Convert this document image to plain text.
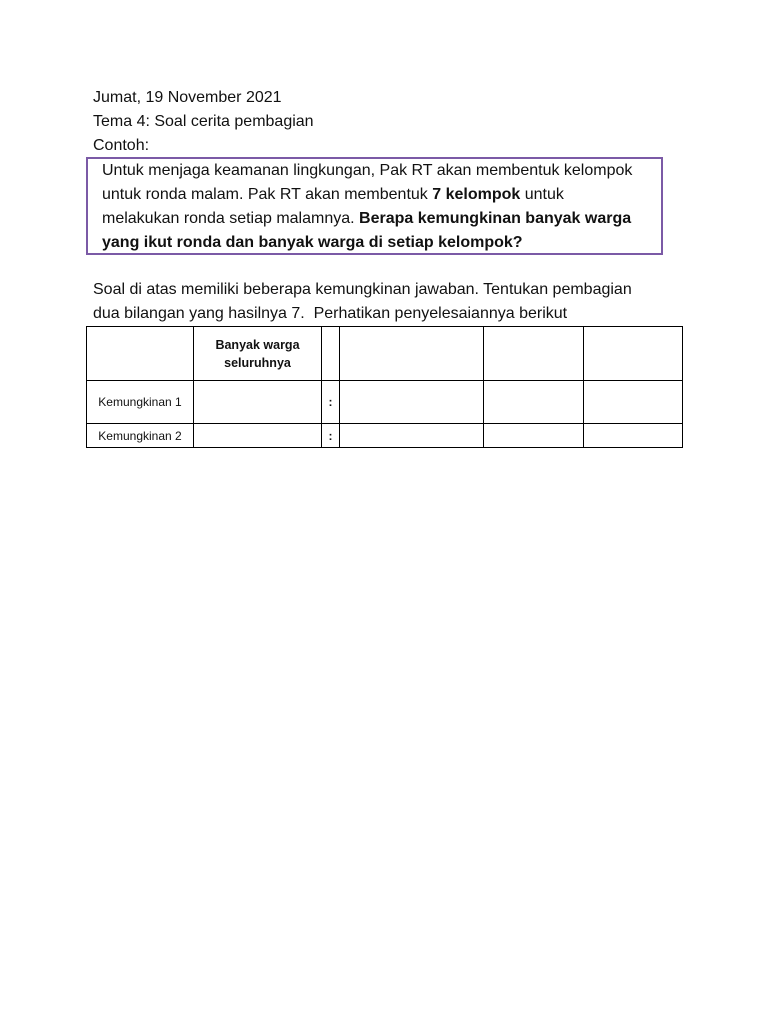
Jumat, 19 November 2021
Tema 4: Soal cerita pembagian
Contoh:

Untuk menjaga keamanan lingkungan, Pak RT akan membentuk kelompok

untuk ronda malam. Pak RT akan membentuk 7 kelompok untuk

melakukan ronda setiap malamnya. Berapa kemungkinan banyak warga

yang ikut ronda dan banyak warga di setiap kelompok?

Soal di atas memiliki beberapa kemungkinan jawaban. Tentukan pembagian
dua bilangan yang hasilnya 7.  Perhatikan penyelesaiannya berikut

	Banyak warga
seluruhnya				

Kemungkinan 1		:			
Kemungkinan 2		:			
